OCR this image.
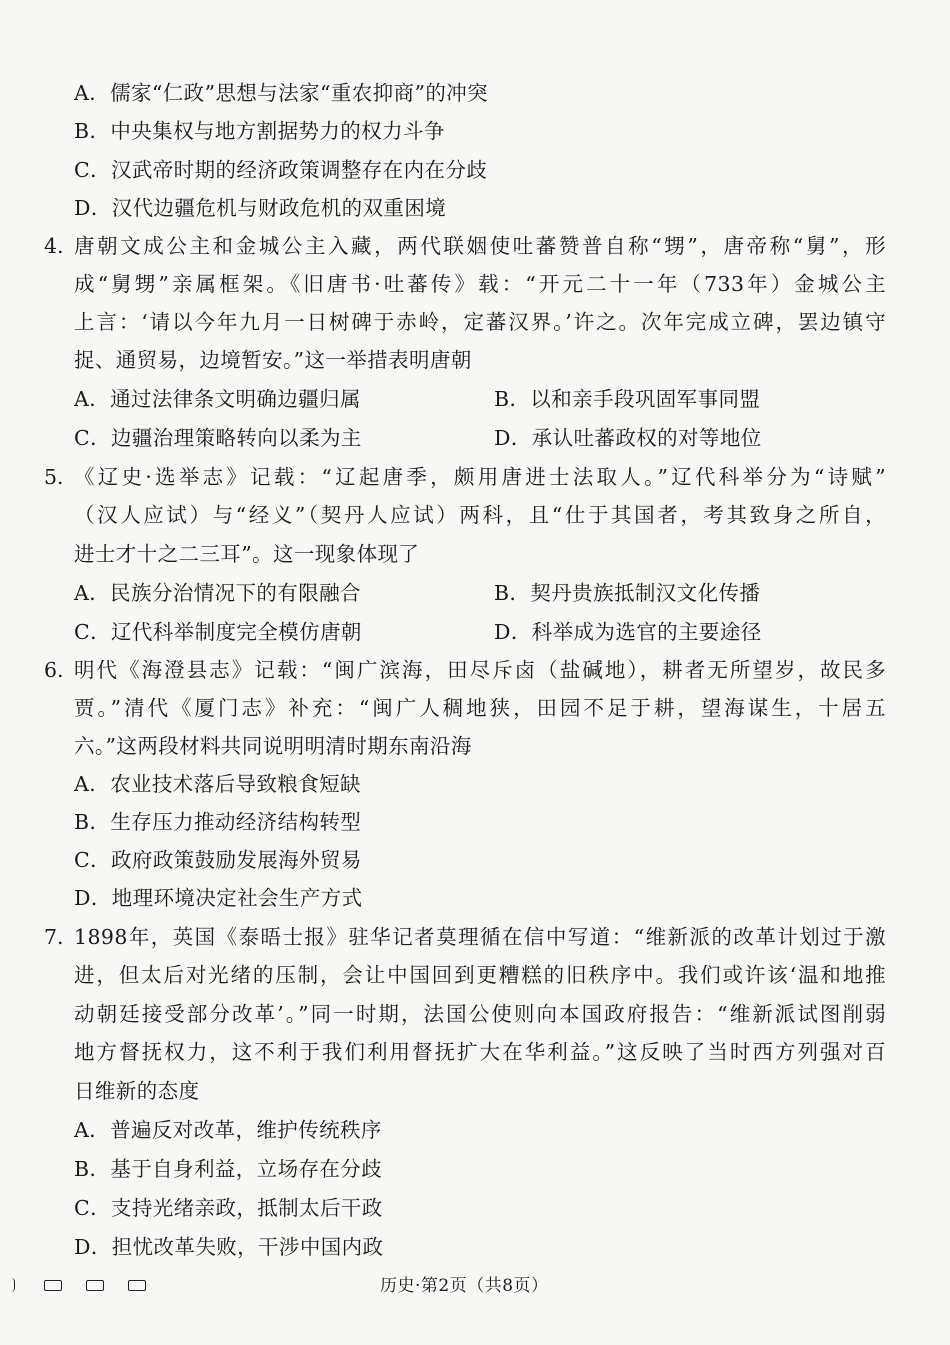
A．儒家“仁政”思想与法家“重农抑商”的冲突
B．中央集权与地方割据势力的权力斗争
C．汉武帝时期的经济政策调整存在内在分歧
D．汉代边疆危机与财政危机的双重困境
4. 唐朝文成公主和金城公主入藏，两代联姻使吐蕃赞普自称“甥”，唐帝称“舅”，形
成“舅甥”亲属框架。《旧唐书·吐蕃传》载：“开元二十一年（733年）金城公主
上言：‘请以今年九月一日树碑于赤岭，定蕃汉界。’许之。次年完成立碑，罢边镇守
捉、通贸易，边境暂安。”这一举措表明唐朝
A．通过法律条文明确边疆归属	B．以和亲手段巩固军事同盟
C．边疆治理策略转向以柔为主	D．承认吐蕃政权的对等地位
5. 《辽史·选举志》记载：“辽起唐季，颇用唐进士法取人。”辽代科举分为“诗赋”
（汉人应试）与“经义”（契丹人应试）两科，且“仕于其国者，考其致身之所自，
进士才十之二三耳”。这一现象体现了
A．民族分治情况下的有限融合	B．契丹贵族抵制汉文化传播
C．辽代科举制度完全模仿唐朝	D．科举成为选官的主要途径
6. 明代《海澄县志》记载：“闽广滨海，田尽斥卤（盐碱地），耕者无所望岁，故民多
贾。”清代《厦门志》补充：“闽广人稠地狭，田园不足于耕，望海谋生，十居五
六。”这两段材料共同说明明清时期东南沿海
A．农业技术落后导致粮食短缺
B．生存压力推动经济结构转型
C．政府政策鼓励发展海外贸易
D．地理环境决定社会生产方式
7. 1898年，英国《泰晤士报》驻华记者莫理循在信中写道：“维新派的改革计划过于激
进，但太后对光绪的压制，会让中国回到更糟糕的旧秩序中。我们或许该‘温和地推
动朝廷接受部分改革’。”同一时期，法国公使则向本国政府报告：“维新派试图削弱
地方督抚权力，这不利于我们利用督抚扩大在华利益。”这反映了当时西方列强对百
日维新的态度
A．普遍反对改革，维护传统秩序
B．基于自身利益，立场存在分歧
C．支持光绪亲政，抵制太后干政
D．担忧改革失败，干涉中国内政
历史·第2页（共8页）
